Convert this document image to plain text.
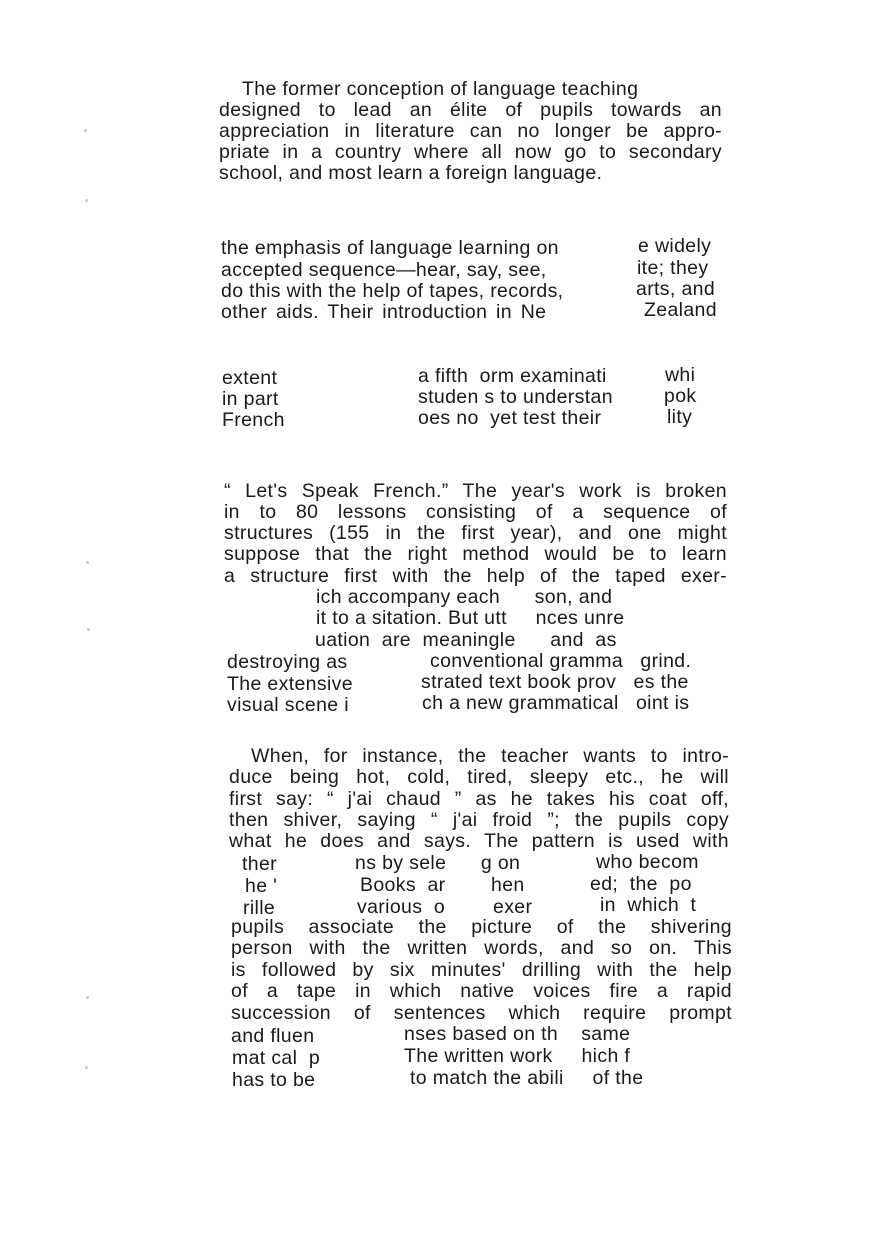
The former conception of language teaching
designed to lead an élite of pupils towards an
appreciation in literature can no longer be appro-
priate in a country where all now go to secondary
school, and most learn a foreign language.
the emphasis of language learning on	e widely
accepted sequence—hear, say, see,	ite; they
do this with the help of tapes, records,	arts, and
other aids. Their introduction in Ne	Zealand
extent	a fifth  orm examinati	whi
in part	studen s to understan	pok
French	oes no  yet test their	lity
“ Let's Speak French.” The year's work is broken
in to 80 lessons consisting of a sequence of
structures (155 in the first year), and one might
suppose that the right method would be to learn
a structure first with the help of the taped exer-
ich accompany each      son, and
it to a sitation. But utt     nces unre
uation  are  meaningle      and  as
destroying as	conventional gramma   grind.
The extensive	strated text book prov   es the
visual scene i	ch a new grammatical   oint is
When, for instance, the teacher wants to intro-
duce being hot, cold, tired, sleepy etc., he will
first say: “ j'ai chaud ” as he takes his coat off,
then shiver, saying “ j'ai froid ”; the pupils copy
what he does and says. The pattern is used with
ther	ns by sele      g on	who becom
he '	Books  ar hen	ed;  the  po
rille	various  o exer	in  which  t
pupils associate the picture of the shivering
person with the written words, and so on. This
is followed by six minutes' drilling with the help
of a tape in which native voices fire a rapid
succession of sentences which require prompt
and fluen	nses based on th    same
mat cal  p	The written work     hich f
has to be	to match the abili     of the
